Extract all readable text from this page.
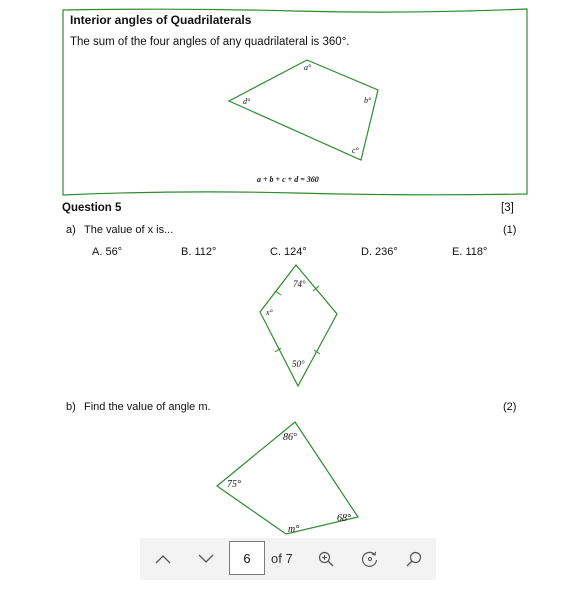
Interior angles of Quadrilaterals
The sum of the four angles of any quadrilateral is 360°.
a°
b°
c°
d°
a + b + c + d = 360
Question 5	[3]
a) The value of x is...	(1)
A. 56°	B. 112°	C. 124°	D. 236°	E. 118°
74°
x°
50°
b) Find the value of angle m.	(2)
86°
75°
68°
m°
6	of 7
